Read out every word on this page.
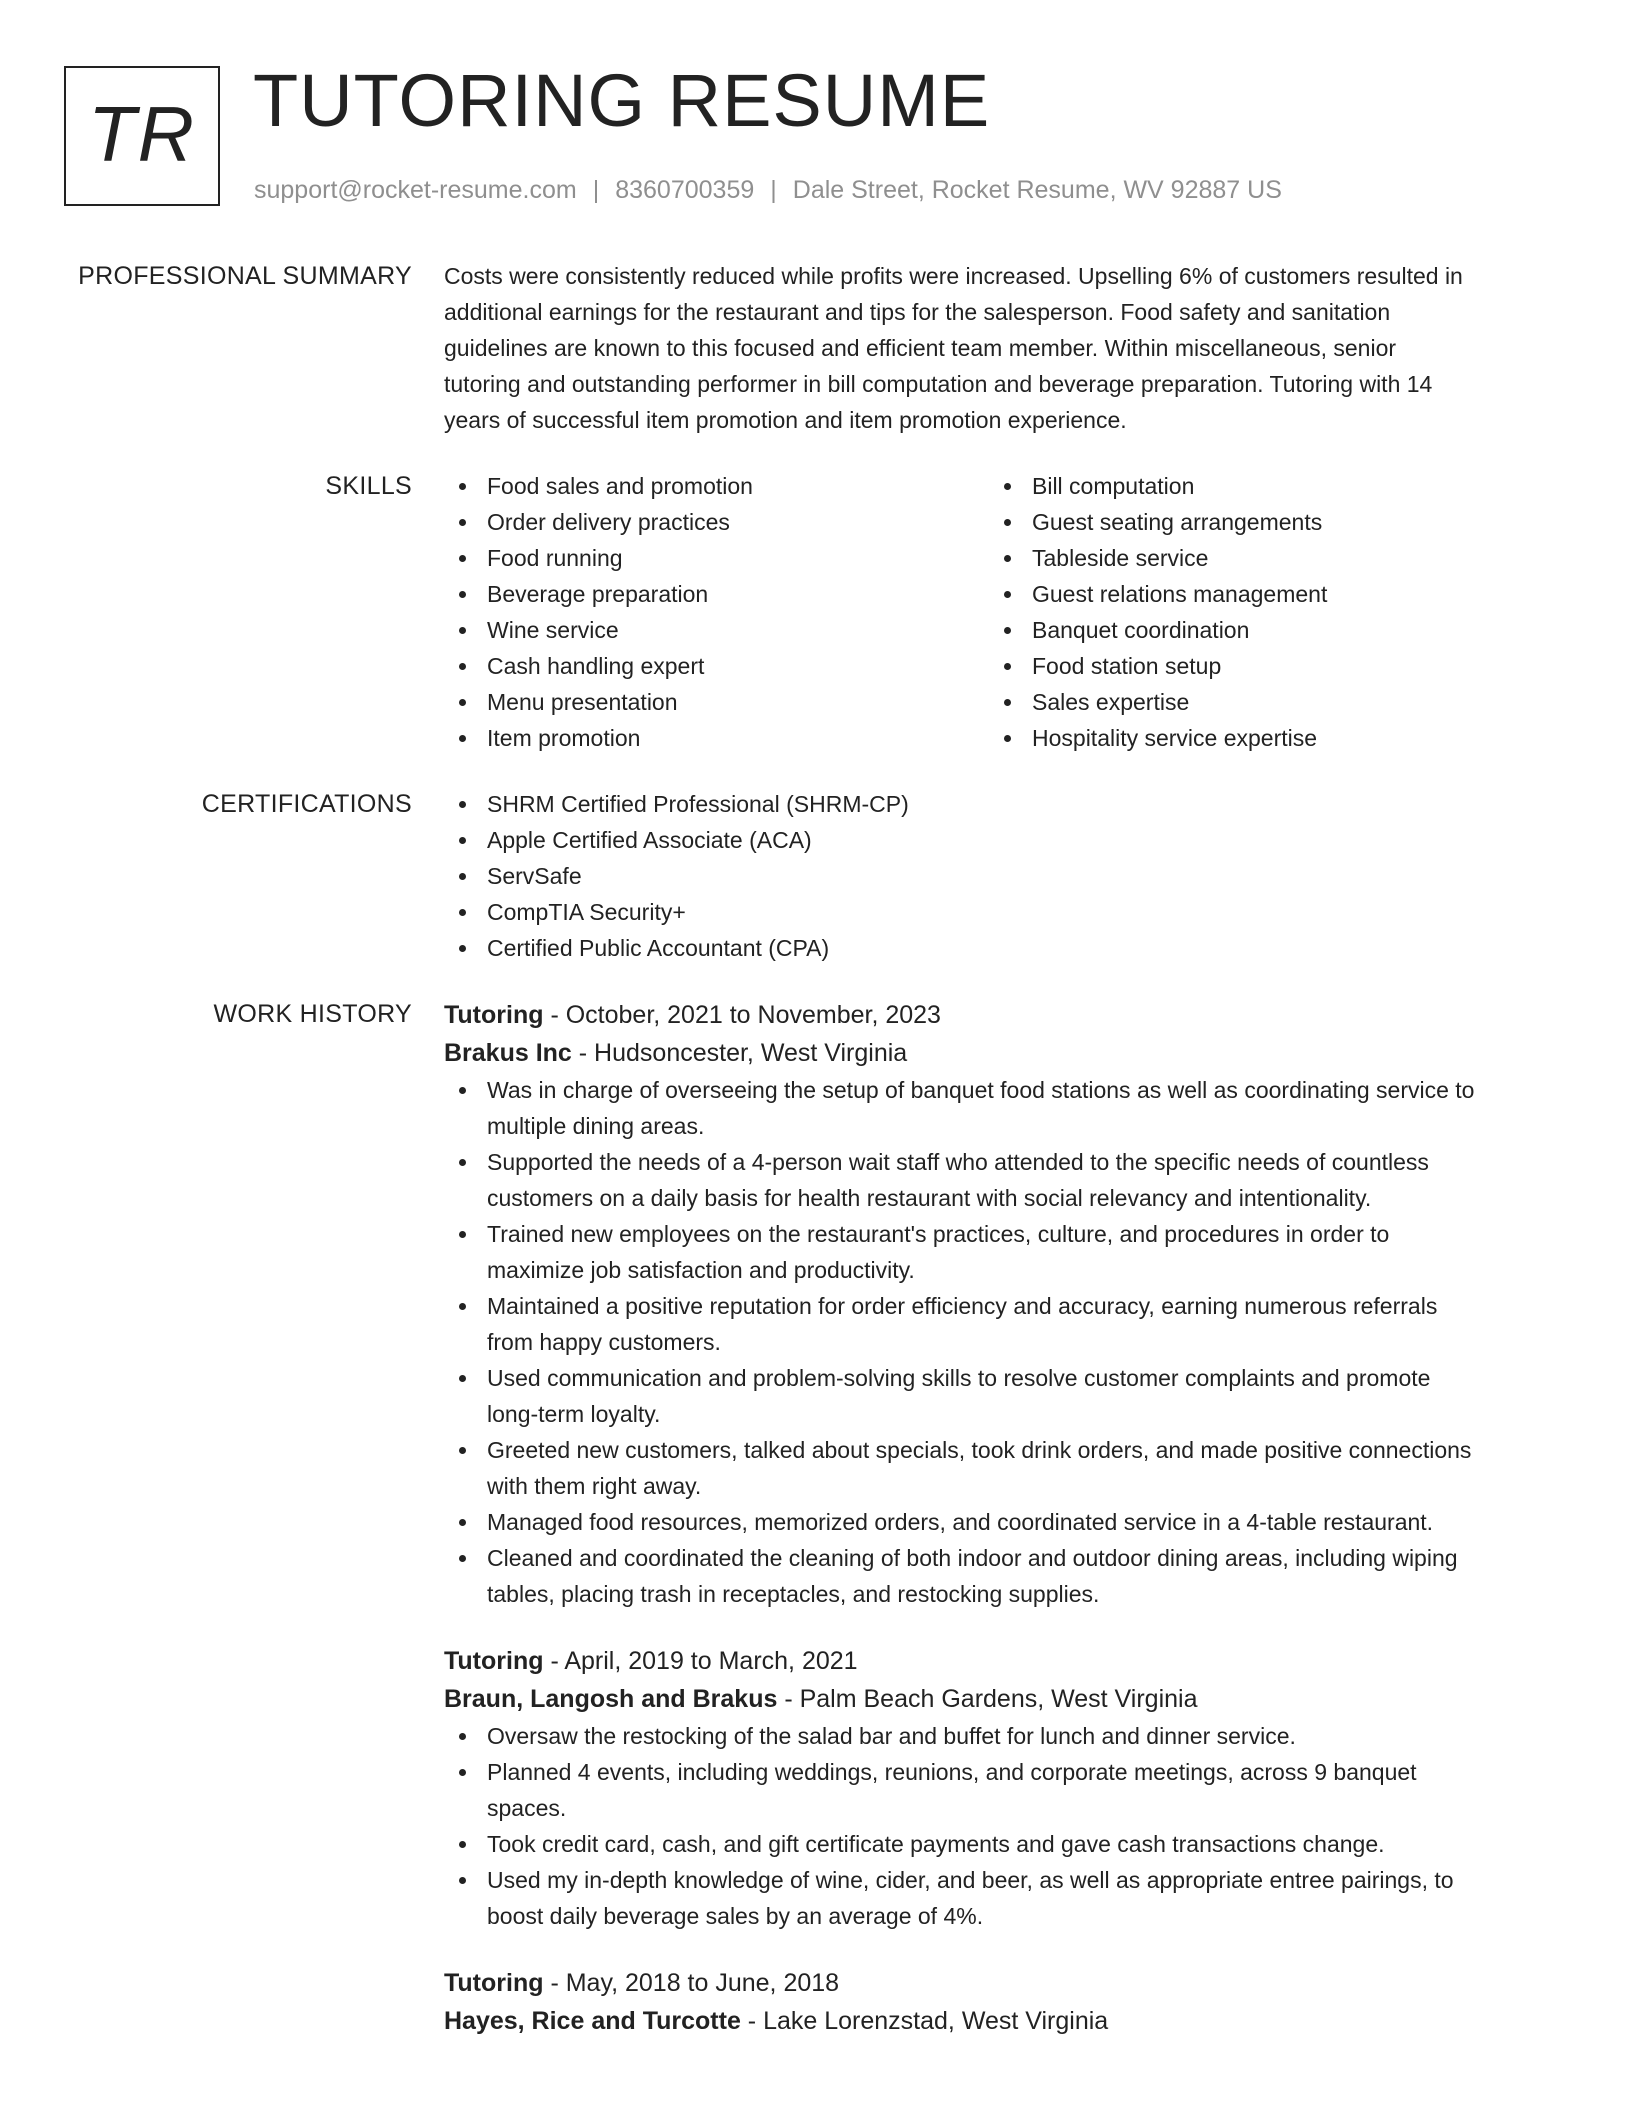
TR TUTORING RESUME
support@rocket-resume.com | 8360700359 | Dale Street, Rocket Resume, WV 92887 US
PROFESSIONAL SUMMARY Costs were consistently reduced while profits were increased. Upselling 6% of customers resulted in
additional earnings for the restaurant and tips for the salesperson. Food safety and sanitation
guidelines are known to this focused and efficient team member. Within miscellaneous, senior
tutoring and outstanding performer in bill computation and beverage preparation. Tutoring with 14
years of successful item promotion and item promotion experience.
SKILLS	Food sales and promotion
Order delivery practices
Food running
Beverage preparation
Wine service
Cash handling expert
Menu presentation
Item promotion
Bill computation
Guest seating arrangements
Tableside service
Guest relations management
Banquet coordination
Food station setup
Sales expertise
Hospitality service expertise
CERTIFICATIONS	SHRM Certified Professional (SHRM-CP)
Apple Certified Associate (ACA)
ServSafe
CompTIA Security+
Certified Public Accountant (CPA)
WORK HISTORY Tutoring - October, 2021 to November, 2023
Brakus Inc - Hudsoncester, West Virginia
Was in charge of overseeing the setup of banquet food stations as well as coordinating service to
multiple dining areas.
Supported the needs of a 4-person wait staff who attended to the specific needs of countless
customers on a daily basis for health restaurant with social relevancy and intentionality.
Trained new employees on the restaurant's practices, culture, and procedures in order to
maximize job satisfaction and productivity.
Maintained a positive reputation for order efficiency and accuracy, earning numerous referrals
from happy customers.
Used communication and problem-solving skills to resolve customer complaints and promote
long-term loyalty.
Greeted new customers, talked about specials, took drink orders, and made positive connections
with them right away.
Managed food resources, memorized orders, and coordinated service in a 4-table restaurant.
Cleaned and coordinated the cleaning of both indoor and outdoor dining areas, including wiping
tables, placing trash in receptacles, and restocking supplies.
Tutoring - April, 2019 to March, 2021
Braun, Langosh and Brakus - Palm Beach Gardens, West Virginia
Oversaw the restocking of the salad bar and buffet for lunch and dinner service.
Planned 4 events, including weddings, reunions, and corporate meetings, across 9 banquet
spaces.
Took credit card, cash, and gift certificate payments and gave cash transactions change.
Used my in-depth knowledge of wine, cider, and beer, as well as appropriate entree pairings, to
boost daily beverage sales by an average of 4%.
Tutoring - May, 2018 to June, 2018
Hayes, Rice and Turcotte - Lake Lorenzstad, West Virginia
